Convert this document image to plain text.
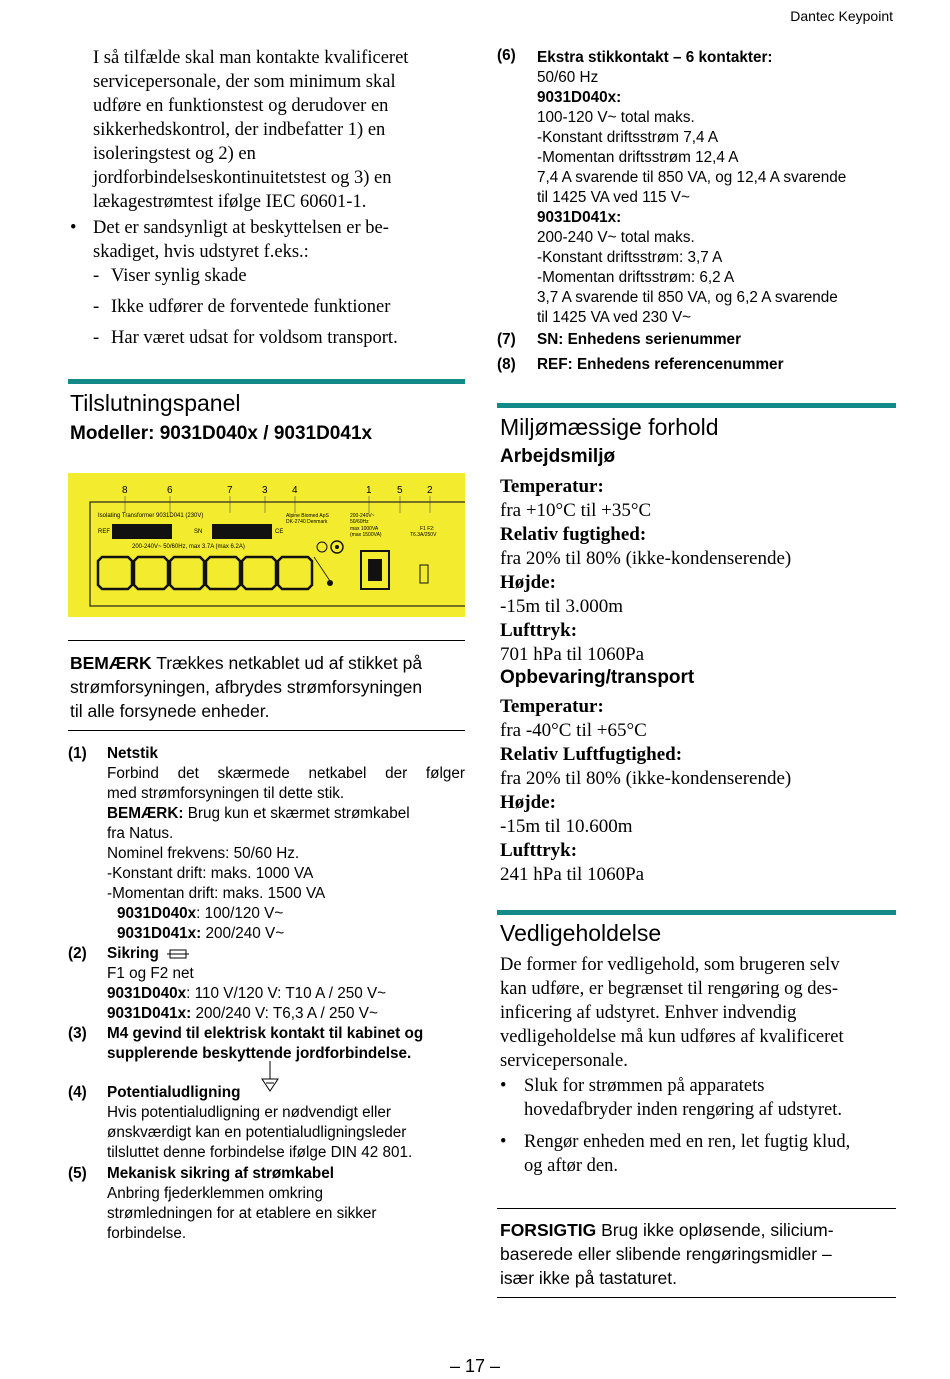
Dantec Keypoint
I så tilfælde skal man kontakte kvalificeret
servicepersonale, der som minimum skal
udføre en funktionstest og derudover en
sikkerhedskontrol, der indbefatter 1) en
isoleringstest og 2) en
jordforbindelseskontinuitetstest og 3) en
lækagestrømtest ifølge IEC 60601-1.
• Det er sandsynligt at beskyttelsen er be-
skadiget, hvis udstyret f.eks.:
- Viser synlig skade
- Ikke udfører de forventede funktioner
- Har været udsat for voldsom transport.
Tilslutningspanel
Modeller: 9031D040x / 9031D041x
8	6	7	3 4	1	5 2
Isolating Transformer 9031D041 (230V)
REF	SN	CE
Alpine Biomed ApS
DK-2740 Denmark
200-240V~
50/60Hz
max 1000VA
(max 1500VA)
F1 F2:
T6.3A/250V
200-240V~ 50/60Hz, max 3.7A (max 6.2A)
BEMÆRK Trækkes netkablet ud af stikket på
strømforsyningen, afbrydes strømforsyningen
til alle forsynede enheder.
(1) Netstik
Forbind det skærmede netkabel der følger
med strømforsyningen til dette stik.
BEMÆRK: Brug kun et skærmet strømkabel
fra Natus.
Nominel frekvens: 50/60 Hz.
-Konstant drift: maks. 1000 VA
-Momentan drift: maks. 1500 VA
9031D040x: 100/120 V~
9031D041x: 200/240 V~
(2) Sikring
F1 og F2 net
9031D040x: 110 V/120 V: T10 A / 250 V~
9031D041x: 200/240 V: T6,3 A / 250 V~
(3) M4 gevind til elektrisk kontakt til kabinet og
supplerende beskyttende jordforbindelse.
(4) Potentialudligning
Hvis potentialudligning er nødvendigt eller
ønskværdigt kan en potentialudligningsleder
tilsluttet denne forbindelse ifølge DIN 42 801.
(5) Mekanisk sikring af strømkabel
Anbring fjederklemmen omkring
strømledningen for at etablere en sikker
forbindelse.
(6) Ekstra stikkontakt – 6 kontakter:
50/60 Hz
9031D040x:
100-120 V~ total maks.
-Konstant driftsstrøm 7,4 A
-Momentan driftsstrøm 12,4 A
7,4 A svarende til 850 VA, og 12,4 A svarende
til 1425 VA ved 115 V~
9031D041x:
200-240 V~ total maks.
-Konstant driftsstrøm: 3,7 A
-Momentan driftsstrøm: 6,2 A
3,7 A svarende til 850 VA, og 6,2 A svarende
til 1425 VA ved 230 V~
(7) SN: Enhedens serienummer
(8) REF: Enhedens referencenummer
Miljømæssige forhold
Arbejdsmiljø
Temperatur:
fra +10°C til +35°C
Relativ fugtighed:
fra 20% til 80% (ikke-kondenserende)
Højde:
-15m til 3.000m
Lufttryk:
701 hPa til 1060Pa
Opbevaring/transport
Temperatur:
fra -40°C til +65°C
Relativ Luftfugtighed:
fra 20% til 80% (ikke-kondenserende)
Højde:
-15m til 10.600m
Lufttryk:
241 hPa til 1060Pa
Vedligeholdelse
De former for vedligehold, som brugeren selv
kan udføre, er begrænset til rengøring og des-
inficering af udstyret. Enhver indvendig
vedligeholdelse må kun udføres af kvalificeret
servicepersonale.
• Sluk for strømmen på apparatets
hovedafbryder inden rengøring af udstyret.
• Rengør enheden med en ren, let fugtig klud,
og aftør den.
FORSIGTIG Brug ikke opløsende, silicium-
baserede eller slibende rengøringsmidler –
især ikke på tastaturet.
– 17 –
